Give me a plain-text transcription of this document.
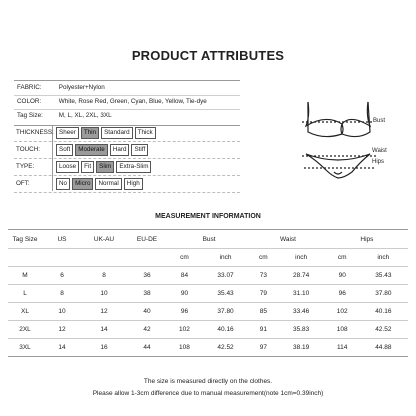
PRODUCT ATTRIBUTES
FABRIC:	Polyester+Nylon
COLOR:	White, Rose Red, Green, Cyan, Blue, Yellow, Tie-dye
Tag Size:	M, L, XL, 2XL, 3XL
THICKNESS: Sheer	Thin	Standard	Thick
TOUCH:	Soft	Moderate	Hard	Stiff
TYPE:	Loose	Fit	Slim	Extra-Slim
OFT:	No	Micro	Normal	High
Bust
Waist
Hips
MEASUREMENT INFORMATION
Tag Size	US	UK-AU	EU-DE	Bust		Waist		Hips	
				cm	inch	cm	inch	cm	inch
M	6	8	36	84	33.07	73	28.74	90	35.43
L	8	10	38	90	35.43	79	31.10	96	37.80
XL	10	12	40	96	37.80	85	33.46	102	40.16
2XL	12	14	42	102	40.16	91	35.83	108	42.52
3XL	14	16	44	108	42.52	97	38.19	114	44.88
The size is measured directly on the clothes.
Please allow 1-3cm difference due to manual measurement(note 1cm=0.39inch)
